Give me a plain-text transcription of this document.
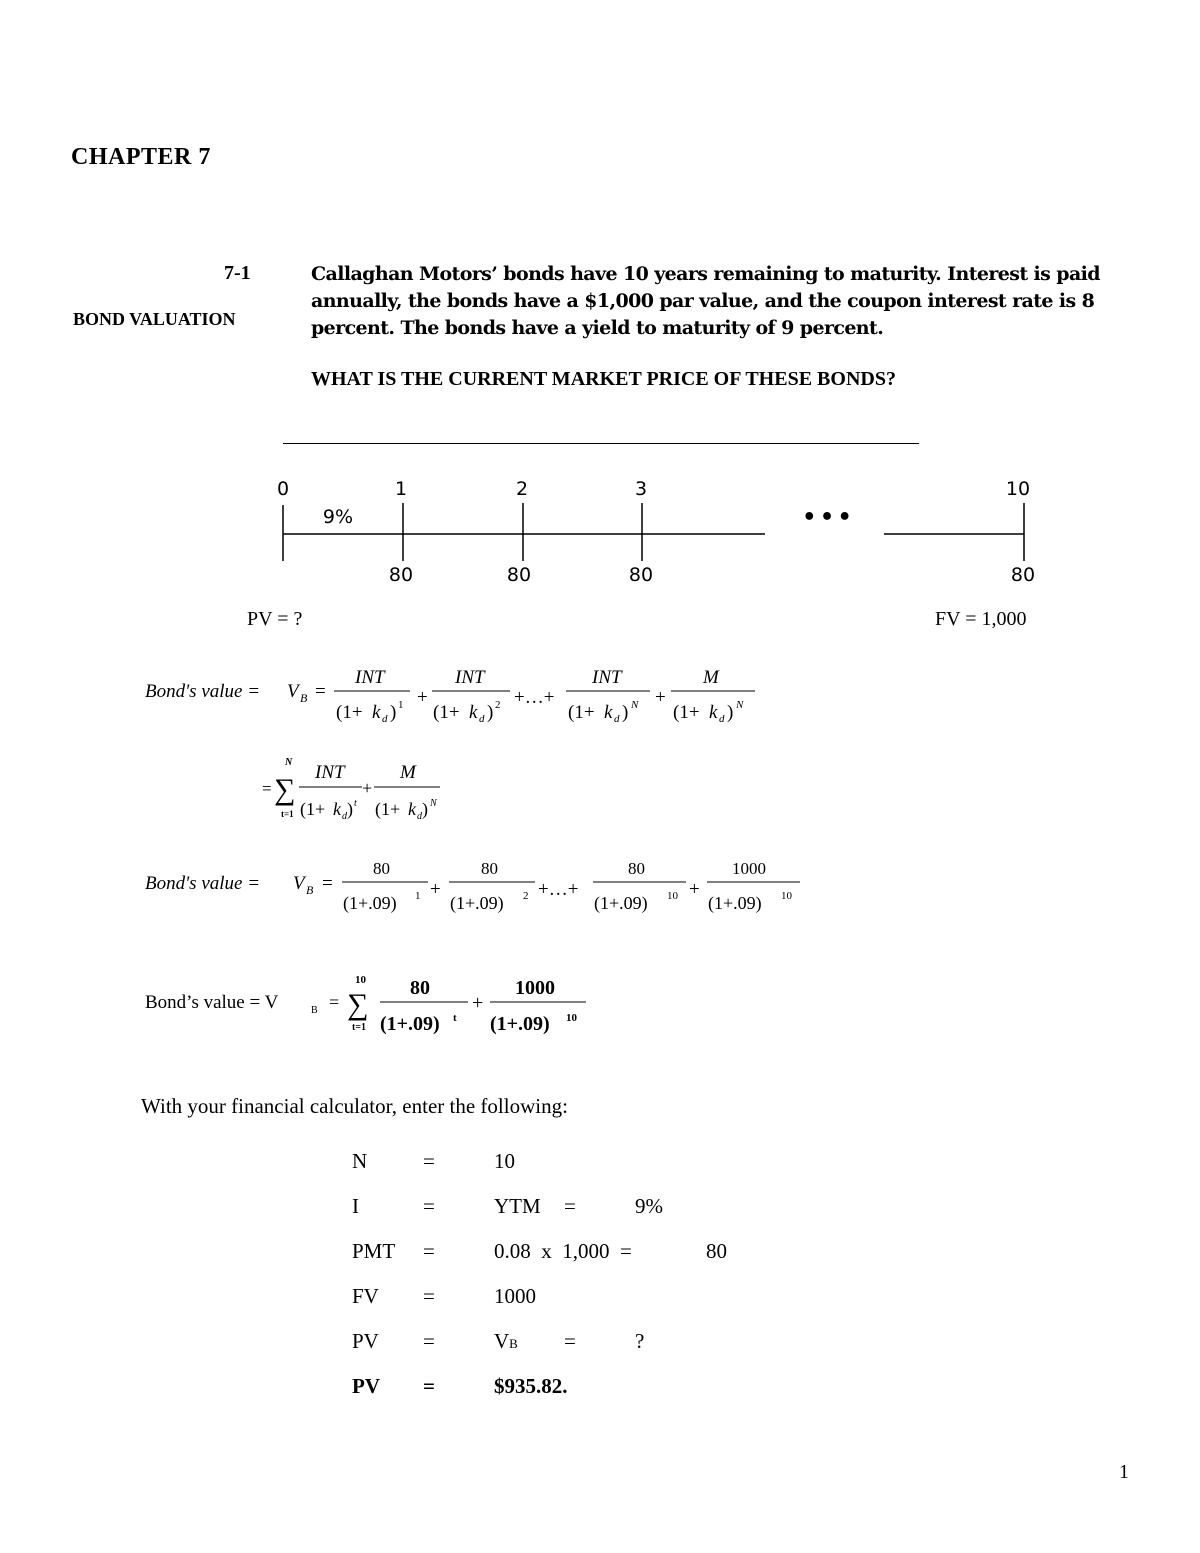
CHAPTER 7
7-1
BOND VALUATION
Callaghan Motors’ bonds have 10 years remaining to maturity. Interest is paid annually, the bonds have a $1,000 par value, and the coupon interest rate is 8 percent. The bonds have a yield to maturity of 9 percent.
WHAT IS THE CURRENT MARKET PRICE OF THESE BONDS?
0	1	2	3	10
9%	• • •
80	80	80	80
PV = ?	FV = 1,000
Bond's value = V B =
INT
(1+ k d ) 1 +
INT
(1+ k d ) 2 +…+
INT
(1+ k d ) N +
M
(1+ k d ) N
=
N
∑
t=1
INT
(1+ k d ) t
+
M
(1+ k d ) N
Bond's value = V B =
80
(1+.09) 1 +
80
(1+.09) 2 +…+
80
(1+.09) 10 +
1000
(1+.09) 10
Bond’s value = V	B =
10
∑
t=1
80
(1+.09) t
+
1000
(1+.09) 10
With your financial calculator, enter the following:
N	=	10
I	=	YTM =	9%
PMT =	0.08  x  1,000  =	80
FV =	1000
PV =	VB =	?
PV =	$935.82.
1
